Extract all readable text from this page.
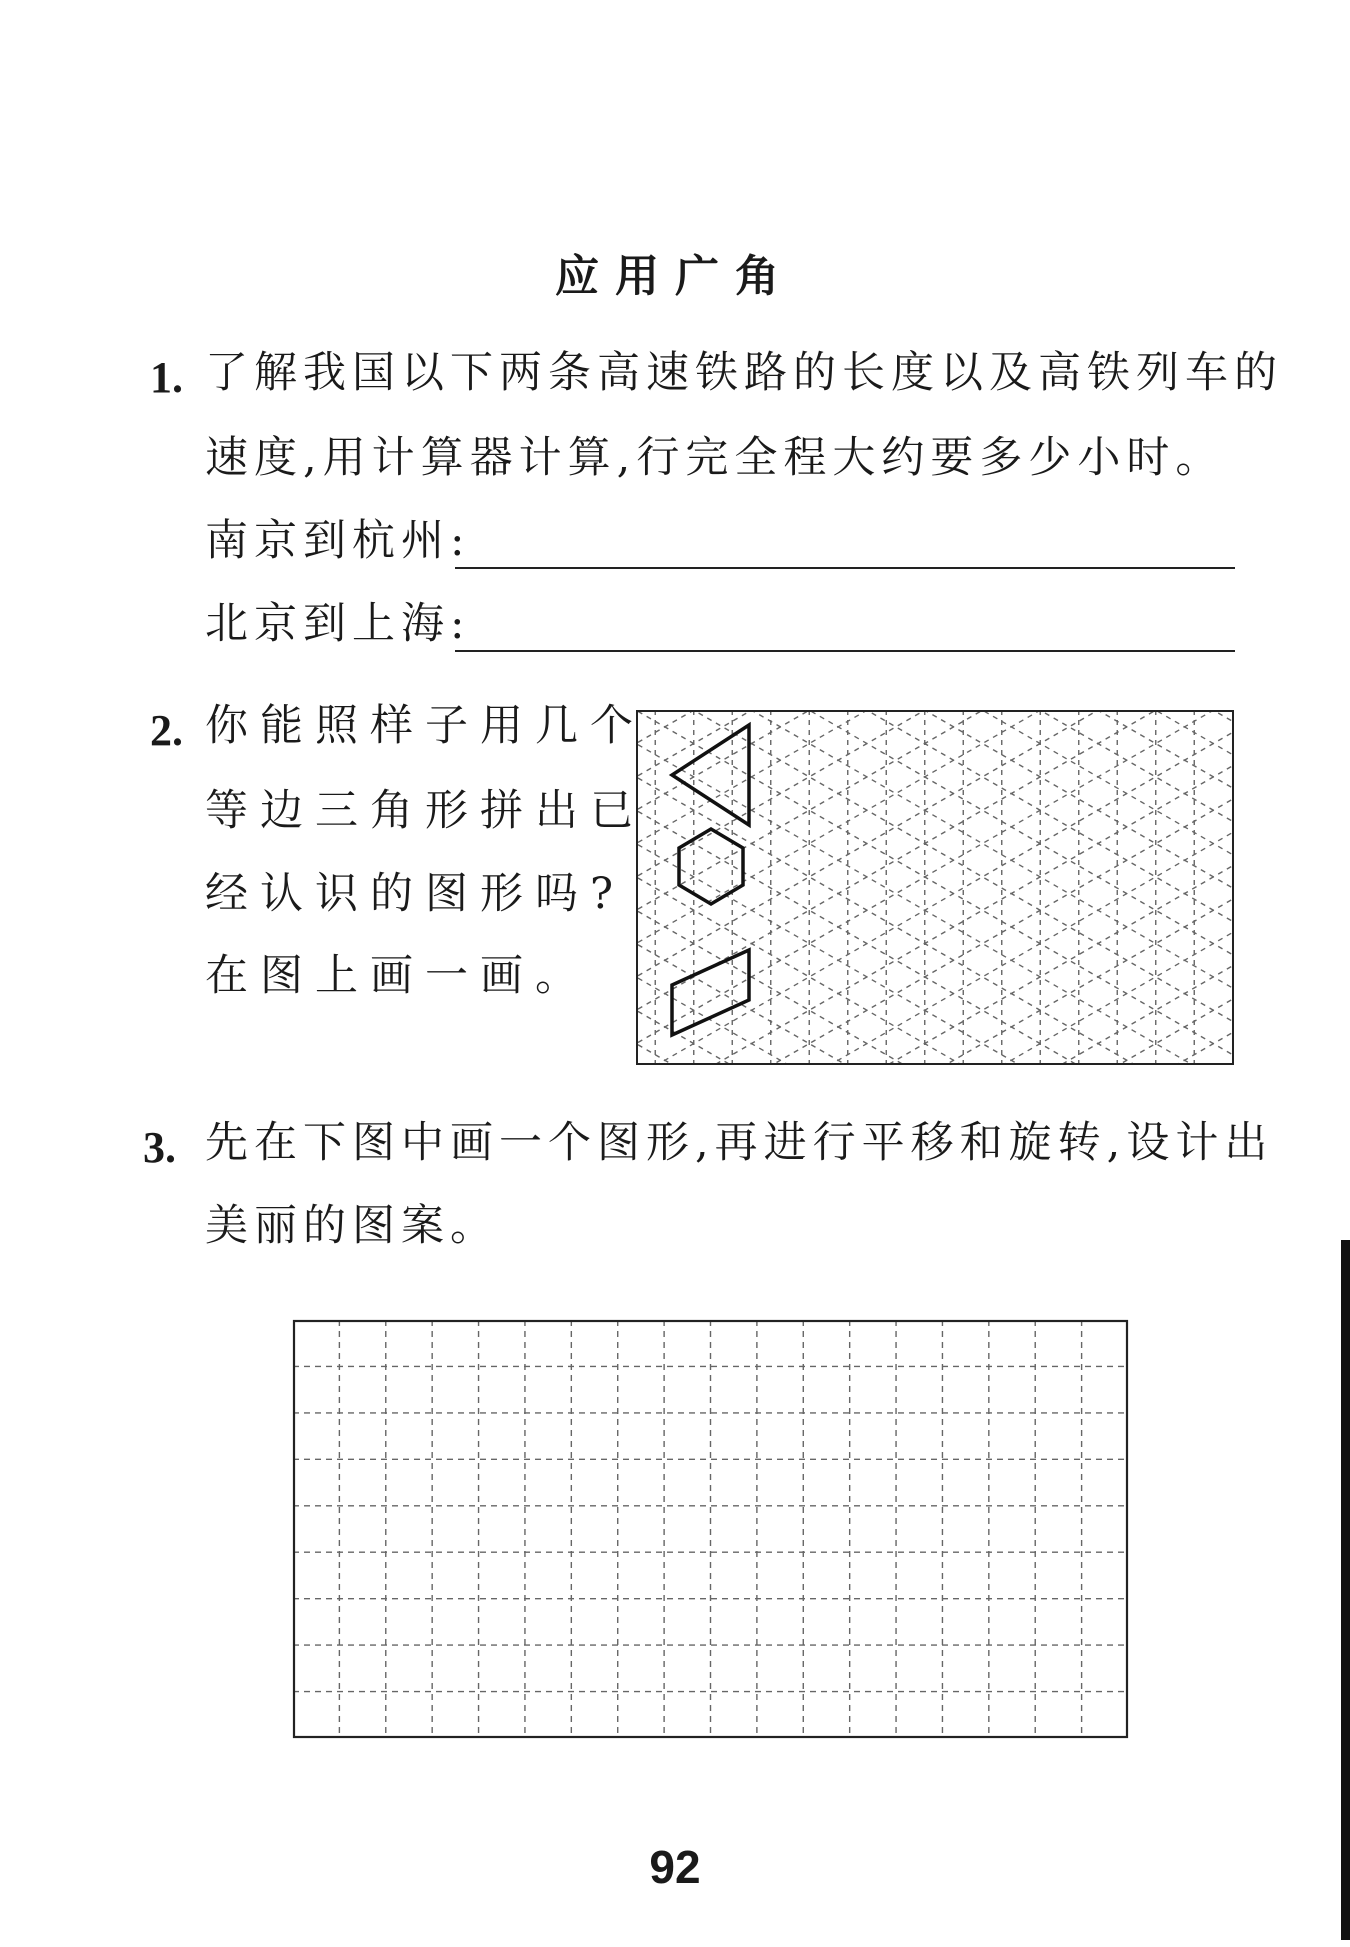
应用广角
1. 了解我国以下两条高速铁路的长度以及高铁列车的
速度,用计算器计算,行完全程大约要多少小时。
南京到杭州:
北京到上海:
2. 你能照样子用几个
等边三角形拼出已
经认识的图形吗?
在图上画一画。
3. 先在下图中画一个图形,再进行平移和旋转,设计出
美丽的图案。
92
